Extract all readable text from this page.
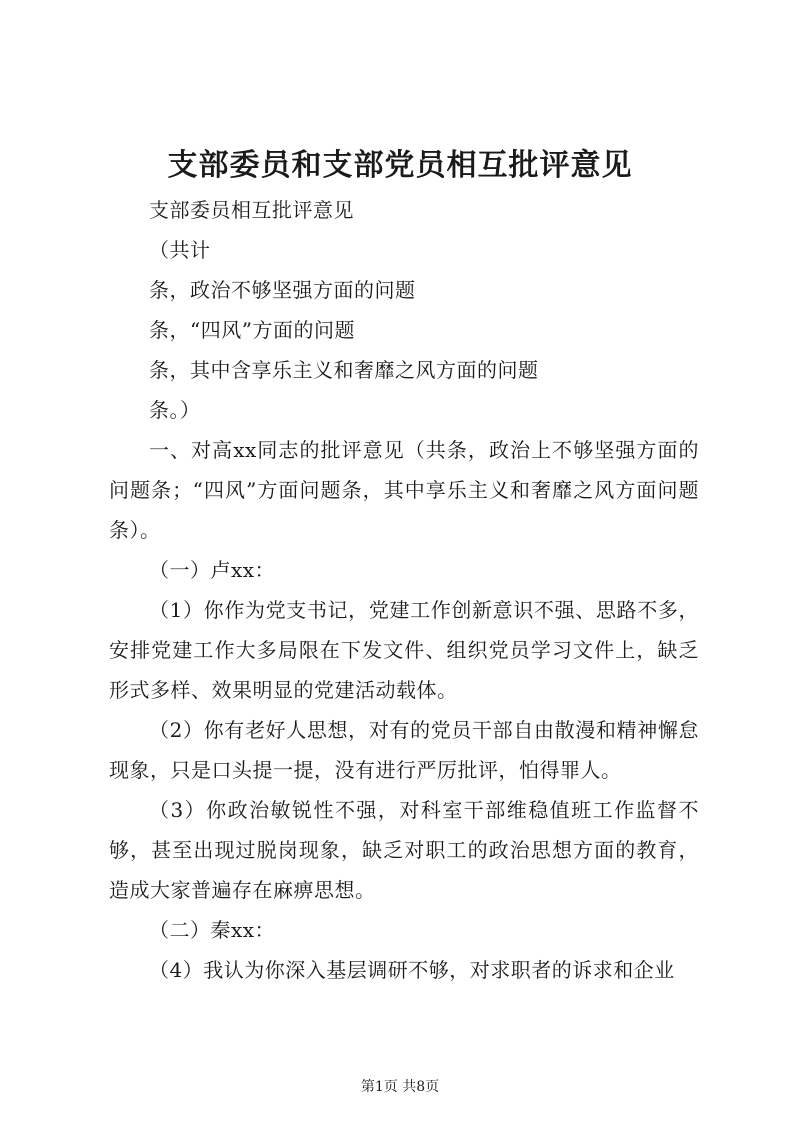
支部委员和支部党员相互批评意见

支部委员相互批评意见

（共计

条，政治不够坚强方面的问题

条，“四风”方面的问题

条，其中含享乐主义和奢靡之风方面的问题

条。）

一、对高xx同志的批评意见（共条，政治上不够坚强方面的问题条；“四风”方面问题条，其中享乐主义和奢靡之风方面问题条）。

（一）卢xx：

（1）你作为党支书记，党建工作创新意识不强、思路不多，安排党建工作大多局限在下发文件、组织党员学习文件上，缺乏形式多样、效果明显的党建活动载体。

（2）你有老好人思想，对有的党员干部自由散漫和精神懈怠现象，只是口头提一提，没有进行严厉批评，怕得罪人。

（3）你政治敏锐性不强，对科室干部维稳值班工作监督不够，甚至出现过脱岗现象，缺乏对职工的政治思想方面的教育，造成大家普遍存在麻痹思想。

（二）秦xx：

（4）我认为你深入基层调研不够，对求职者的诉求和企业

第1页 共8页
